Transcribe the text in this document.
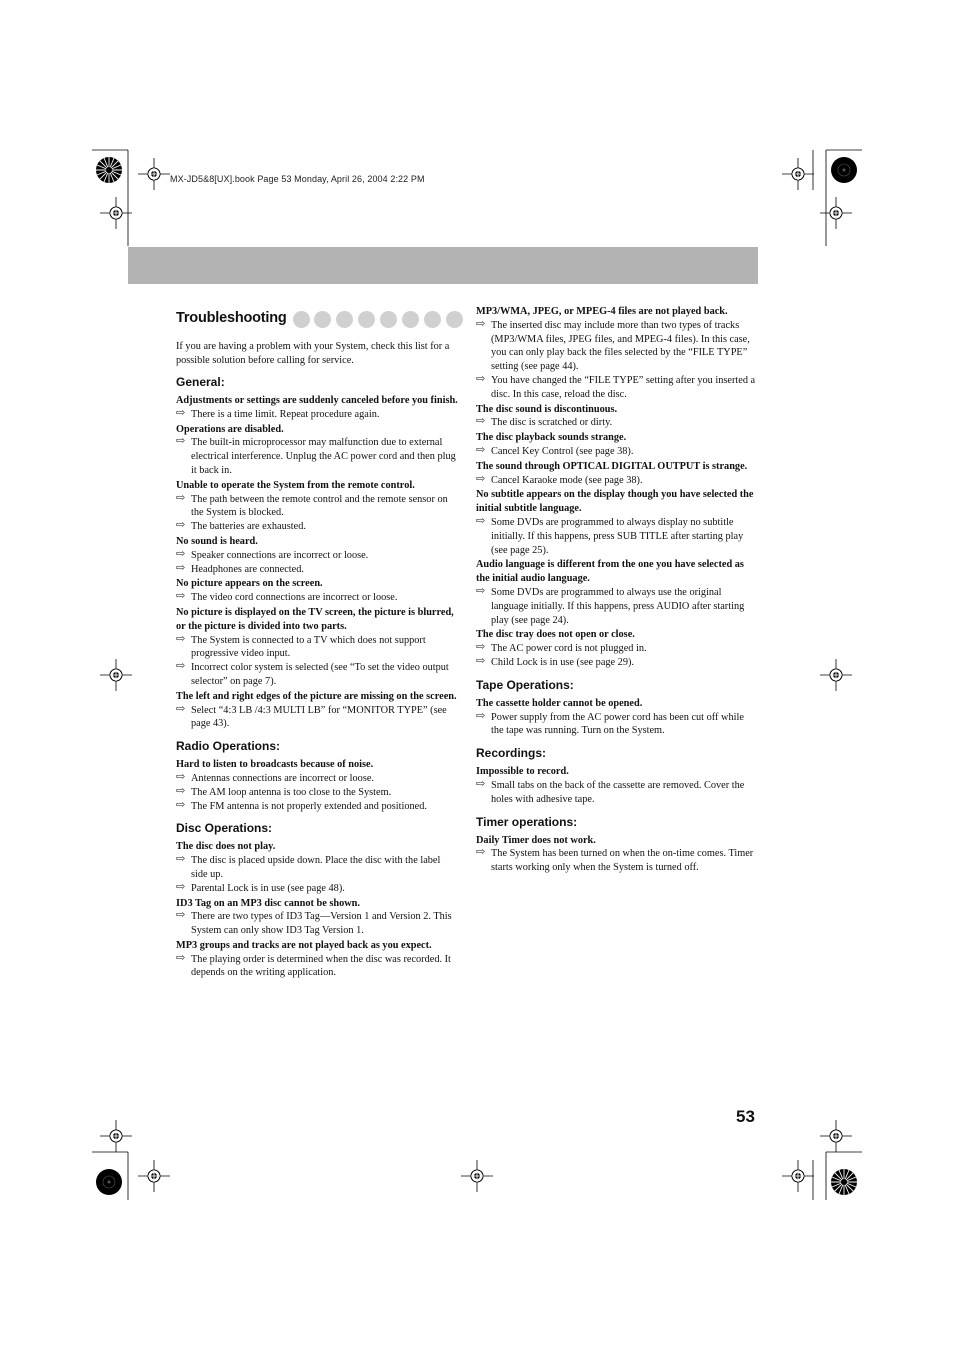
MX-JD5&8[UX].book Page 53 Monday, April 26, 2004 2:22 PM
Troubleshooting

If you are having a problem with your System, check this list for a possible solution before calling for service.

General:
Adjustments or settings are suddenly canceled before you finish.
⇨ There is a time limit. Repeat procedure again.
Operations are disabled.
⇨ The built-in microprocessor may malfunction due to external electrical interference. Unplug the AC power cord and then plug it back in.
Unable to operate the System from the remote control.
⇨ The path between the remote control and the remote sensor on the System is blocked.
⇨ The batteries are exhausted.
No sound is heard.
⇨ Speaker connections are incorrect or loose.
⇨ Headphones are connected.
No picture appears on the screen.
⇨ The video cord connections are incorrect or loose.
No picture is displayed on the TV screen, the picture is blurred, or the picture is divided into two parts.
⇨ The System is connected to a TV which does not support progressive video input.
⇨ Incorrect color system is selected (see “To set the video output selector” on page 7).
The left and right edges of the picture are missing on the screen.
⇨ Select “4:3 LB /4:3 MULTI LB” for “MONITOR TYPE” (see page 43).
Radio Operations:
Hard to listen to broadcasts because of noise.
⇨ Antennas connections are incorrect or loose.
⇨ The AM loop antenna is too close to the System.
⇨ The FM antenna is not properly extended and positioned.
Disc Operations:
The disc does not play.
⇨ The disc is placed upside down. Place the disc with the label side up.
⇨ Parental Lock is in use (see page 48).
ID3 Tag on an MP3 disc cannot be shown.
⇨ There are two types of ID3 Tag—Version 1 and Version 2. This System can only show ID3 Tag Version 1.
MP3 groups and tracks are not played back as you expect.
⇨ The playing order is determined when the disc was recorded. It depends on the writing application.
MP3/WMA, JPEG, or MPEG-4 files are not played back.
⇨ The inserted disc may include more than two types of tracks (MP3/WMA files, JPEG files, and MPEG-4 files). In this case, you can only play back the files selected by the “FILE TYPE” setting (see page 44).
⇨ You have changed the “FILE TYPE” setting after you inserted a disc. In this case, reload the disc.
The disc sound is discontinuous.
⇨ The disc is scratched or dirty.
The disc playback sounds strange.
⇨ Cancel Key Control (see page 38).
The sound through OPTICAL DIGITAL OUTPUT is strange.
⇨ Cancel Karaoke mode (see page 38).
No subtitle appears on the display though you have selected the initial subtitle language.
⇨ Some DVDs are programmed to always display no subtitle initially. If this happens, press SUB TITLE after starting play (see page 25).
Audio language is different from the one you have selected as the initial audio language.
⇨ Some DVDs are programmed to always use the original language initially. If this happens, press AUDIO after starting play (see page 24).
The disc tray does not open or close.
⇨ The AC power cord is not plugged in.
⇨ Child Lock is in use (see page 29).
Tape Operations:
The cassette holder cannot be opened.
⇨ Power supply from the AC power cord has been cut off while the tape was running. Turn on the System.
Recordings:
Impossible to record.
⇨ Small tabs on the back of the cassette are removed. Cover the holes with adhesive tape.
Timer operations:
Daily Timer does not work.
⇨ The System has been turned on when the on-time comes. Timer starts working only when the System is turned off.
53
